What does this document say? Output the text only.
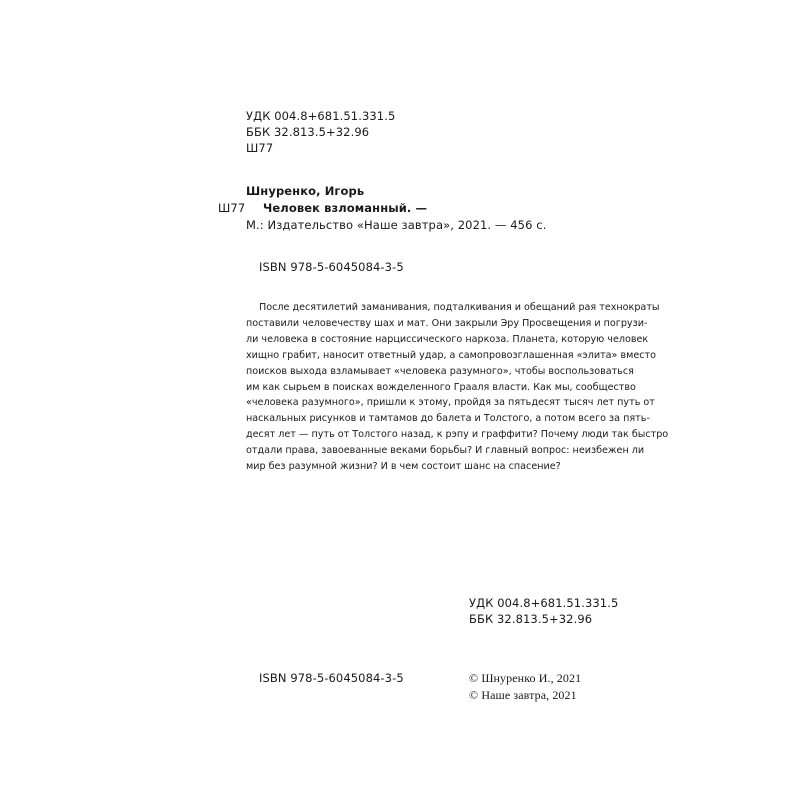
УДК 004.8+681.51.331.5
ББК 32.813.5+32.96
Ш77
Шнуренко, Игорь
Ш77 Человек взломанный. —
М.: Издательство «Наше завтра», 2021. — 456 с.
ISBN 978-5-6045084-3-5
После десятилетий заманивания, подталкивания и обещаний рая технократы
поставили человечеству шах и мат. Они закрыли Эру Просвещения и погрузи-
ли человека в состояние нарциссического наркоза. Планета, которую человек
хищно грабит, наносит ответный удар, а самопровозглашенная «элита» вместо
поисков выхода взламывает «человека разумного», чтобы воспользоваться
им как сырьем в поисках вожделенного Грааля власти. Как мы, сообщество
«человека разумного», пришли к этому, пройдя за пятьдесят тысяч лет путь от
наскальных рисунков и тамтамов до балета и Толстого, а потом всего за пять-
десят лет — путь от Толстого назад, к рэпу и граффити? Почему люди так быстро
отдали права, завоеванные веками борьбы? И главный вопрос: неизбежен ли
мир без разумной жизни? И в чем состоит шанс на спасение?
УДК 004.8+681.51.331.5
ББК 32.813.5+32.96
ISBN 978-5-6045084-3-5	© Шнуренко И., 2021
© Наше завтра, 2021
